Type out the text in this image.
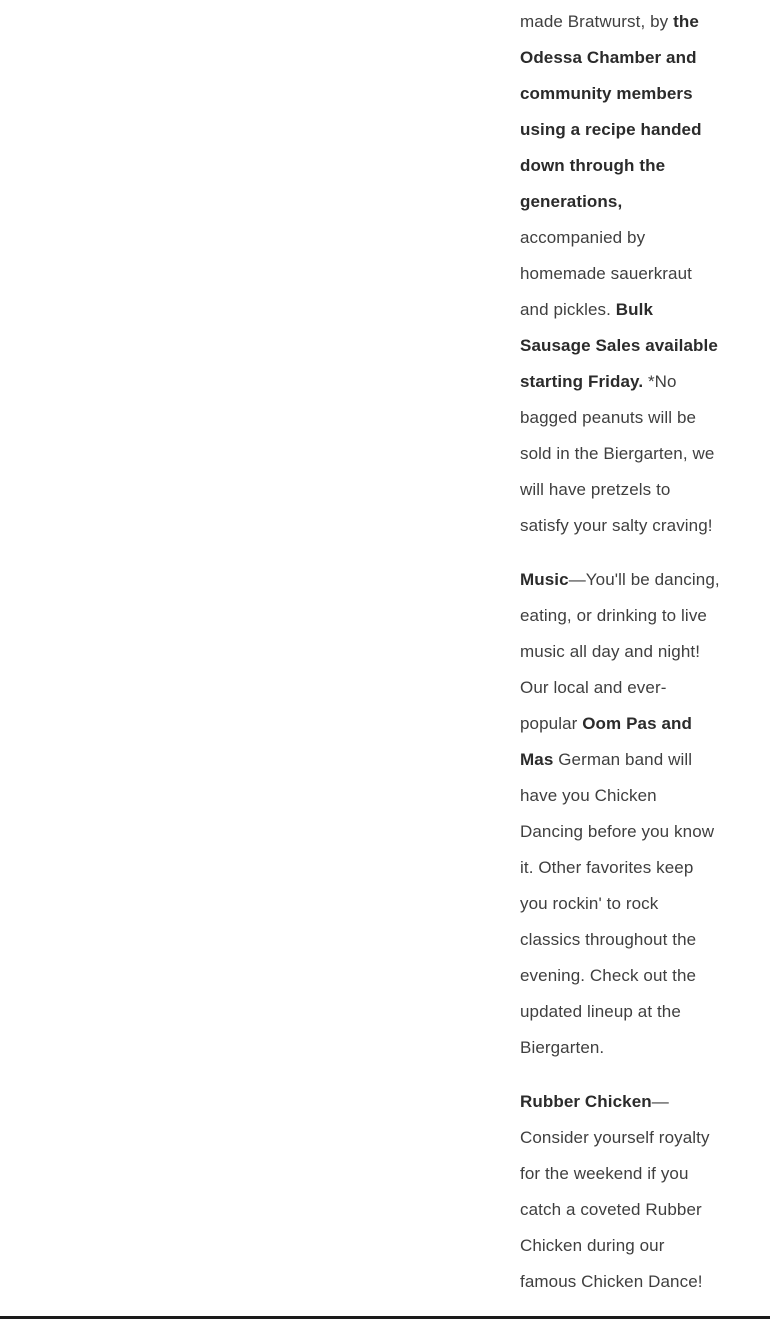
made Bratwurst, by the Odessa Chamber and community members using a recipe handed down through the generations, accompanied by homemade sauerkraut and pickles. Bulk Sausage Sales available starting Friday. *No bagged peanuts will be sold in the Biergarten, we will have pretzels to satisfy your salty craving!

Music—You'll be dancing, eating, or drinking to live music all day and night! Our local and ever-popular Oom Pas and Mas German band will have you Chicken Dancing before you know it. Other favorites keep you rockin' to rock classics throughout the evening. Check out the updated lineup at the Biergarten.

Rubber Chicken—Consider yourself royalty for the weekend if you catch a coveted Rubber Chicken during our famous Chicken Dance!
